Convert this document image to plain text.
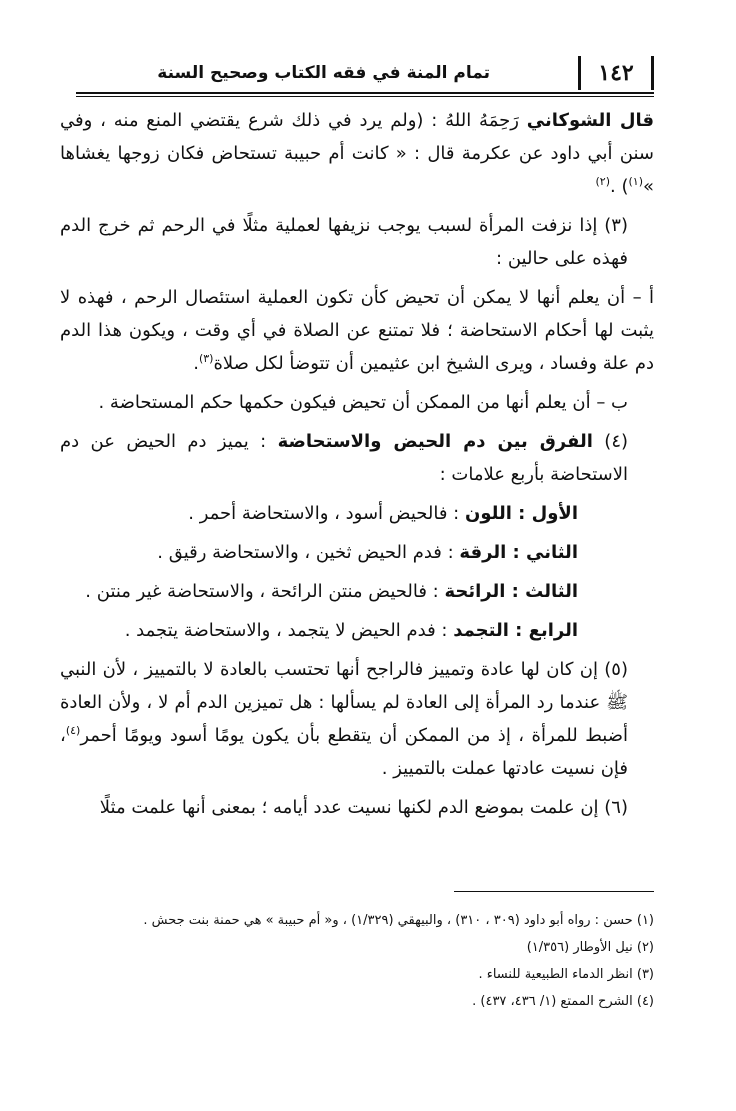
١٤٢
تمام المنة في فقه الكتاب وصحيح السنة

قال الشوكاني رَحِمَهُ اللهُ : (ولم يرد في ذلك شرع يقتضي المنع منه ، وفي سنن أبي داود عن عكرمة قال : « كانت أم حبيبة تستحاض فكان زوجها يغشاها »$^{(١)}$) .$^{(٢)}$

(٣) إذا نزفت المرأة لسبب يوجب نزيفها لعملية مثلًا في الرحم ثم خرج الدم فهذه على حالين :

أ – أن يعلم أنها لا يمكن أن تحيض كأن تكون العملية استئصال الرحم ، فهذه لا يثبت لها أحكام الاستحاضة ؛ فلا تمتنع عن الصلاة في أي وقت ، ويكون هذا الدم دم علة وفساد ، ويرى الشيخ ابن عثيمين أن تتوضأ لكل صلاة$^{(٣)}$.

ب – أن يعلم أنها من الممكن أن تحيض فيكون حكمها حكم المستحاضة .

(٤) الفرق بين دم الحيض والاستحاضة : يميز دم الحيض عن دم الاستحاضة بأربع علامات :

الأول : اللون : فالحيض أسود ، والاستحاضة أحمر .

الثاني : الرقة : فدم الحيض ثخين ، والاستحاضة رقيق .

الثالث : الرائحة : فالحيض منتن الرائحة ، والاستحاضة غير منتن .

الرابع : التجمد : فدم الحيض لا يتجمد ، والاستحاضة يتجمد .

(٥) إن كان لها عادة وتمييز فالراجح أنها تحتسب بالعادة لا بالتمييز ، لأن النبي ﷺ عندما رد المرأة إلى العادة لم يسألها : هل تميزين الدم أم لا ، ولأن العادة أضبط للمرأة ، إذ من الممكن أن يتقطع بأن يكون يومًا أسود ويومًا أحمر$^{(٤)}$، فإن نسيت عادتها عملت بالتمييز .

(٦) إن علمت بموضع الدم لكنها نسيت عدد أيامه ؛ بمعنى أنها علمت مثلًا

(١) حسن : رواه أبو داود (٣٠٩ ، ٣١٠) ، والبيهقي (١/٣٢٩) ، و« أم حبيبة » هي حمنة بنت جحش .
(٢) نيل الأوطار (١/٣٥٦)
(٣) انظر الدماء الطبيعية للنساء .
(٤) الشرح الممتع (١/ ٤٣٦، ٤٣٧) .
